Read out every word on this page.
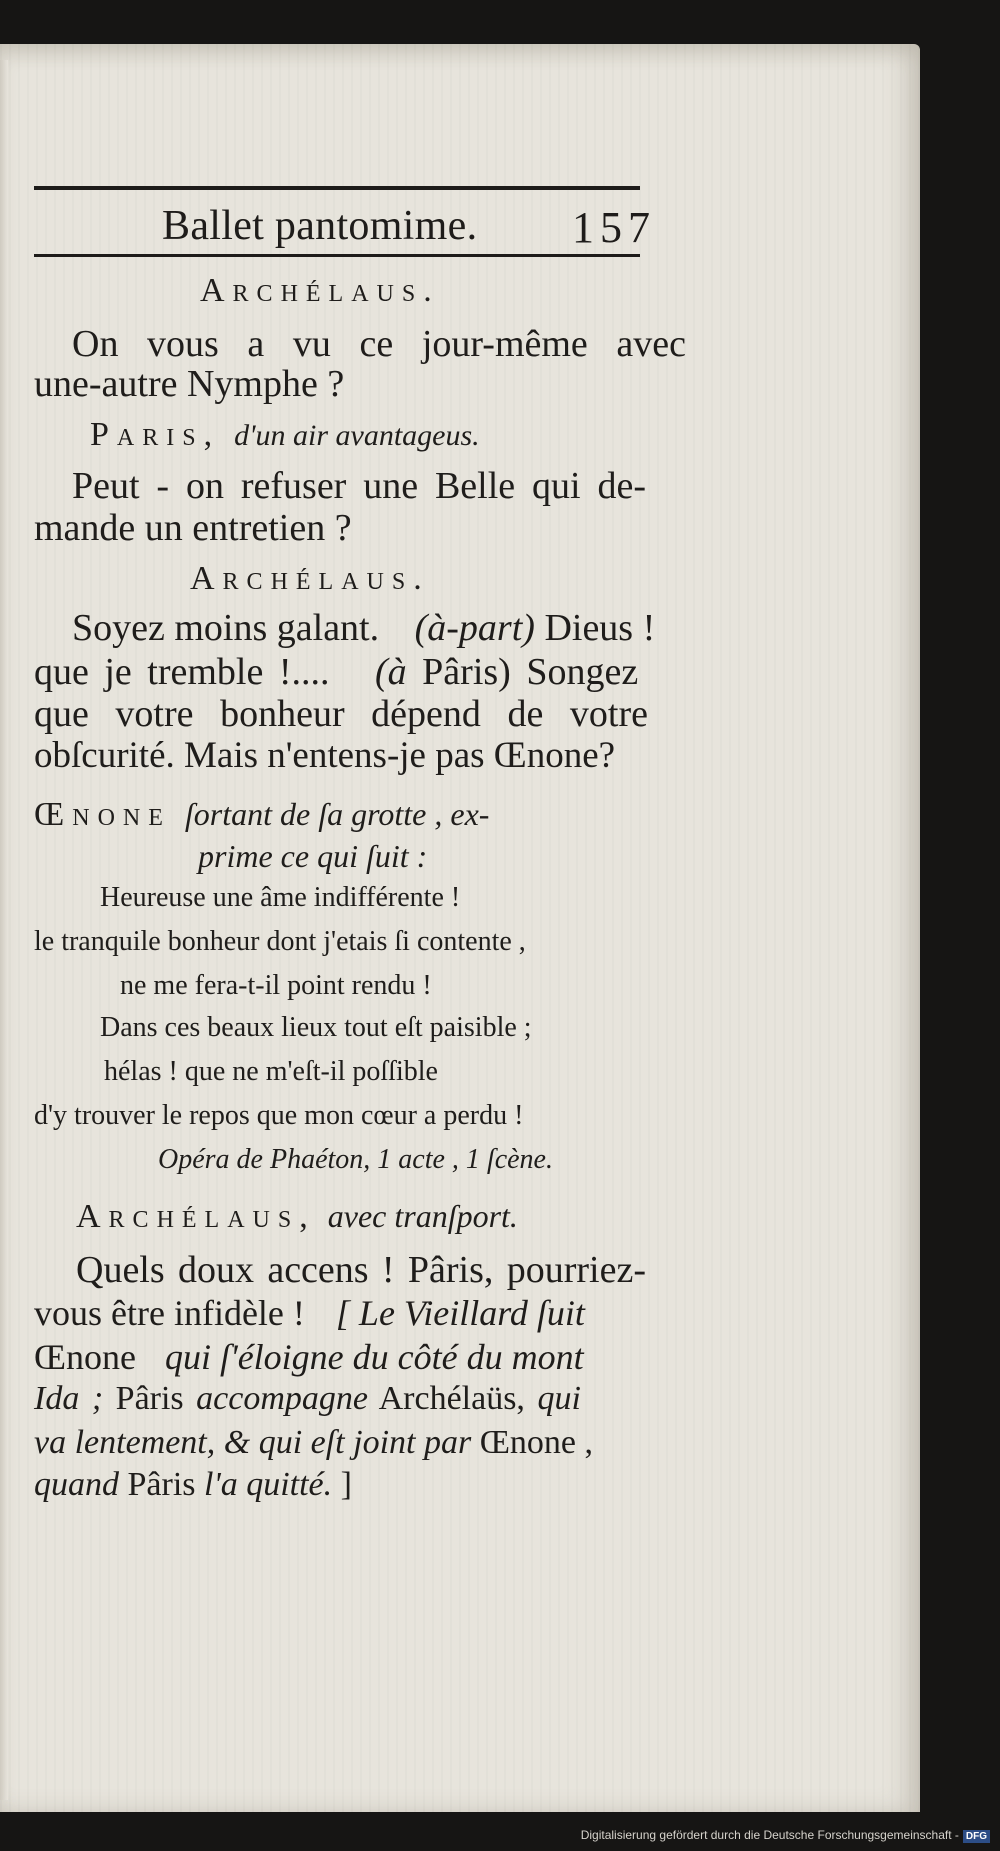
Ballet pantomime. 157
Archélaus.
On vous a vu ce jour-même avec
une-autre Nymphe ?
Paris, d'un air avantageus.
Peut - on refuser une Belle qui de-
mande un entretien ?
Archélaus.
Soyez moins galant. (à-part) Dieus !
que je tremble !.... (à Pâris) Songez
que votre bonheur dépend de votre
obſcurité. Mais n'entens-je pas Œnone?
Œnone ſortant de ſa grotte , ex-
prime ce qui ſuit :
Heureuse une âme indifférente !
le tranquile bonheur dont j'etais ſi contente ,
ne me fera-t-il point rendu !
Dans ces beaux lieux tout eſt paisible ;
hélas ! que ne m'eſt-il poſſible
d'y trouver le repos que mon cœur a perdu !
Opéra de Phaéton, 1 acte , 1 ſcène.
Archélaus, avec tranſport.
Quels doux accens ! Pâris, pourriez-
vous être infidèle ! [ Le Vieillard ſuit
Œnone qui ſ'éloigne du côté du mont
Ida ; Pâris accompagne Archélaüs, qui
va lentement, & qui eſt joint par Œnone ,
quand Pâris l'a quitté. ]
Digitalisierung gefördert durch die Deutsche Forschungsgemeinschaft - DFG
